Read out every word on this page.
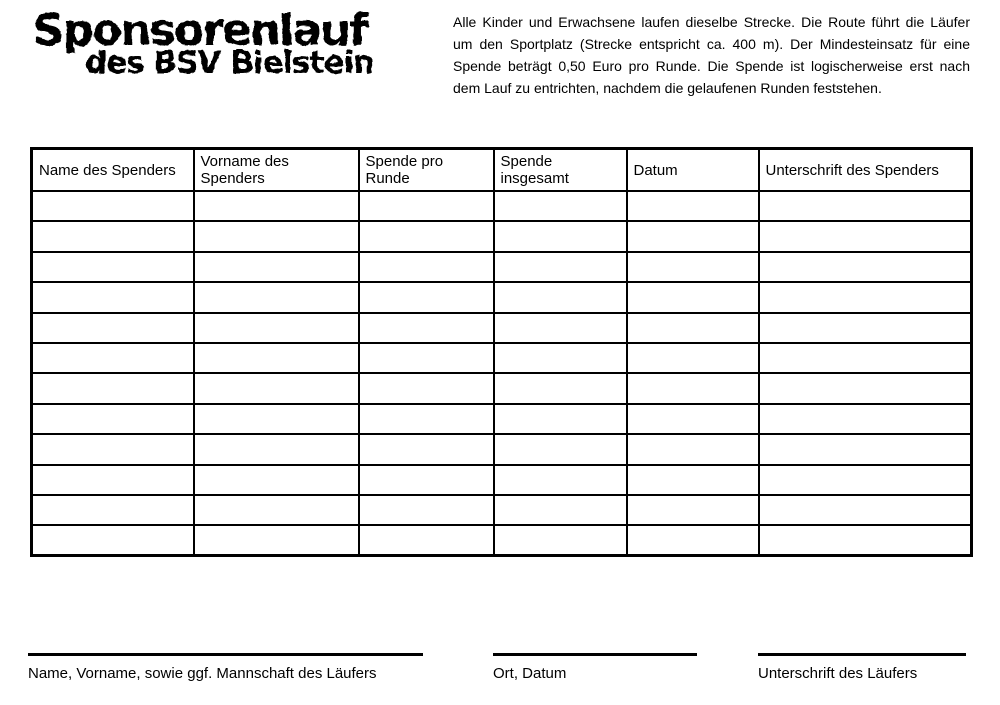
Sponsorenlauf
des BSV Bielstein
Alle Kinder und Erwachsene laufen dieselbe Strecke. Die Route führt die Läufer
um den Sportplatz (Strecke entspricht ca. 400 m). Der Mindesteinsatz für eine
Spende beträgt 0,50 Euro pro Runde. Die Spende ist logischerweise erst nach
dem Lauf zu entrichten, nachdem die gelaufenen Runden feststehen.
Name des Spenders	Vorname des Spenders	Spende pro Runde	Spende insgesamt	Datum	Unterschrift des Spenders

Name, Vorname, sowie ggf. Mannschaft des Läufers	Ort, Datum	Unterschrift des Läufers
